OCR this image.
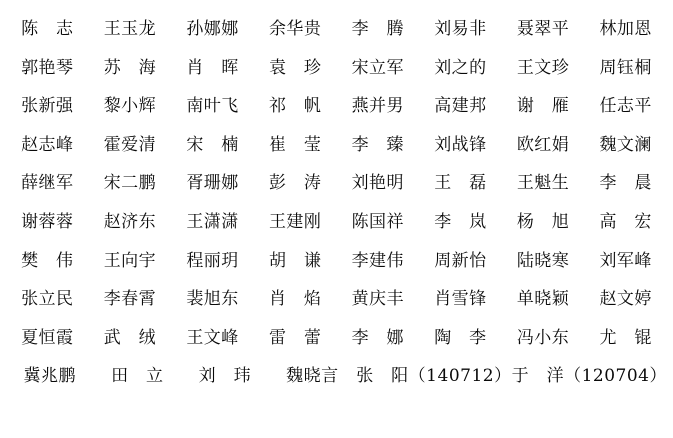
陈　志	王玉龙	孙娜娜	余华贵	李　腾	刘易非	聂翠平	林加恩
郭艳琴	苏　海	肖　晖	袁　珍	宋立军	刘之的	王文珍	周钰桐
张新强	黎小辉	南叶飞	祁　帆	燕并男	高建邦	谢　雁	任志平
赵志峰	霍爱清	宋　楠	崔　莹	李　臻	刘战锋	欧红娟	魏文澜
薛继军	宋二鹏	胥珊娜	彭　涛	刘艳明	王　磊	王魁生	李　晨
谢蓉蓉	赵济东	王潇潇	王建刚	陈国祥	李　岚	杨　旭	高　宏
樊　伟	王向宇	程丽玥	胡　谦	李建伟	周新怡	陆晓寒	刘军峰
张立民	李春霄	裴旭东	肖　焰	黄庆丰	肖雪锋	单晓颖	赵文婷
夏恒霞	武　绒	王文峰	雷　蕾	李　娜	陶　李	冯小东	尤　锟
冀兆鹏	田　立	刘　玮	魏晓言	张　阳（140712） 于　洋（120704）
